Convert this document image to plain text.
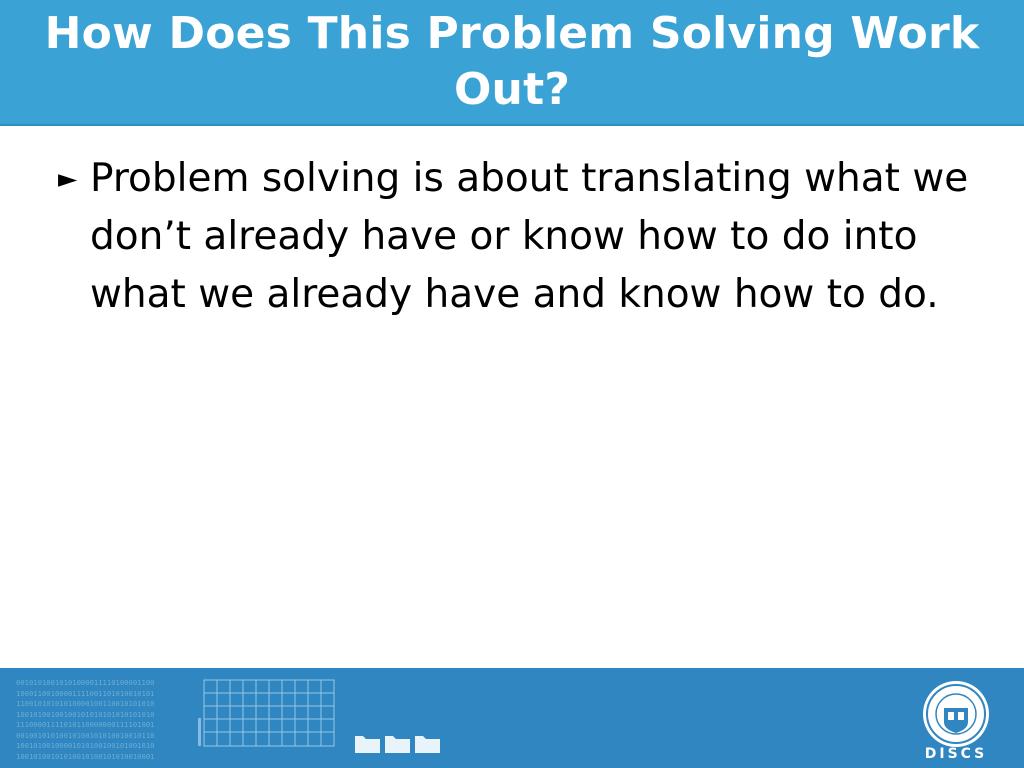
How Does This Problem Solving Work Out?
► Problem solving is about translating what we don’t already have or know how to do into what we already have and know how to do.
00101010010101000011110100001100
10001100100001111001101010010101
11001010101010000100110010101010
10010100100100101010101010101010
11100001111010110000000111101001
00100101010010100101010010010110
10010100100001010100100101001010
10010100101010010100101010010001	DISCS
